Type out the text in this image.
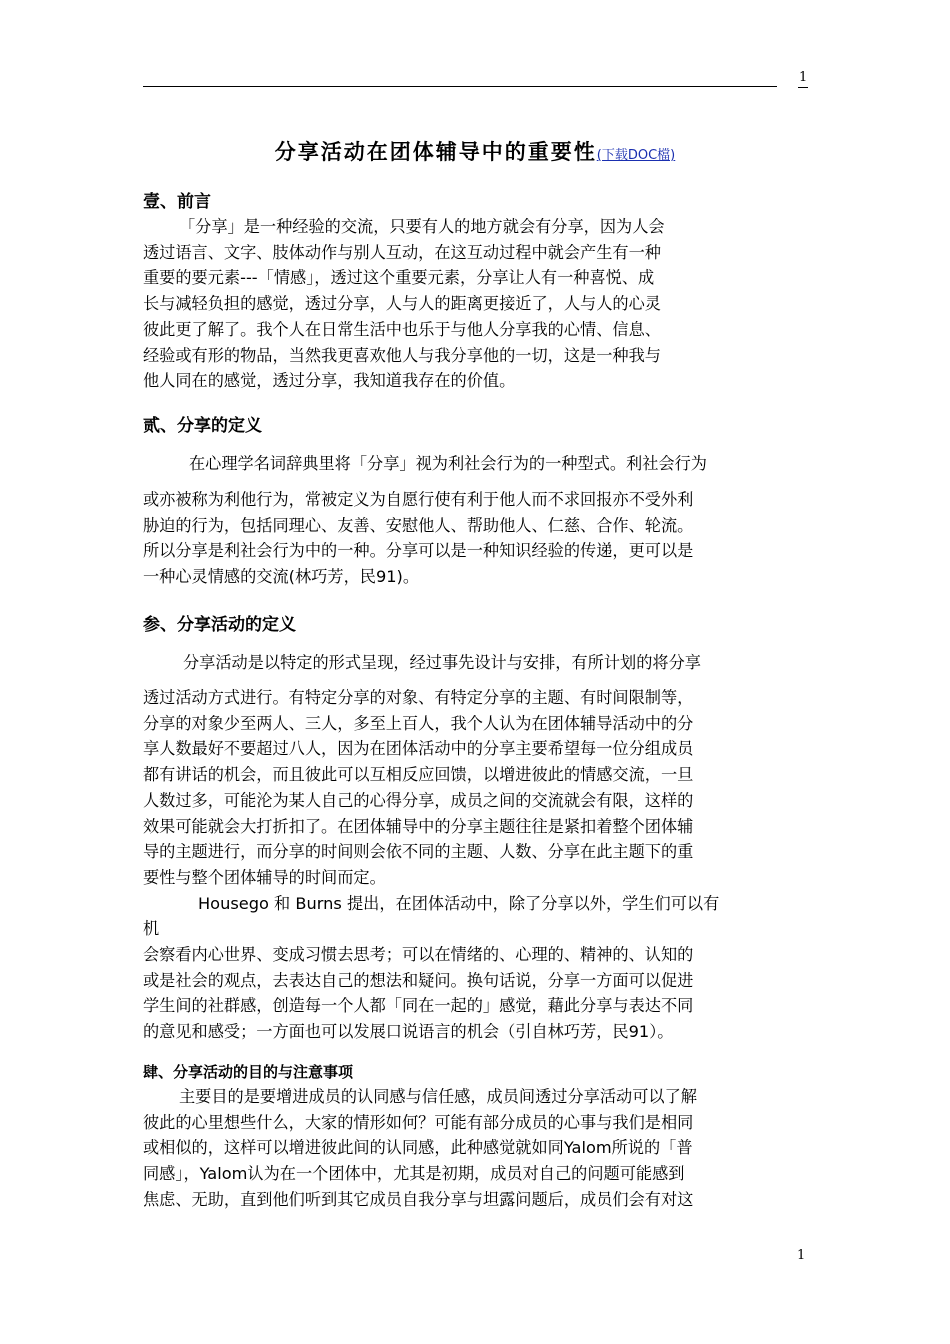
1
分享活动在团体辅导中的重要性(下载DOC檔)
壹、前言
「分享」是一种经验的交流，只要有人的地方就会有分享，因为人会
透过语言、文字、肢体动作与别人互动，在这互动过程中就会产生有一种
重要的要元素---「情感」，透过这个重要元素，分享让人有一种喜悦、成
长与减轻负担的感觉，透过分享，人与人的距离更接近了，人与人的心灵
彼此更了解了。我个人在日常生活中也乐于与他人分享我的心情、信息、
经验或有形的物品，当然我更喜欢他人与我分享他的一切，这是一种我与
他人同在的感觉，透过分享，我知道我存在的价值。
贰、分享的定义
在心理学名词辞典里将「分享」视为利社会行为的一种型式。利社会行为
或亦被称为利他行为，常被定义为自愿行使有利于他人而不求回报亦不受外利
胁迫的行为，包括同理心、友善、安慰他人、帮助他人、仁慈、合作、轮流。
所以分享是利社会行为中的一种。分享可以是一种知识经验的传递，更可以是
一种心灵情感的交流(林巧芳，民91)。
参、分享活动的定义
分享活动是以特定的形式呈现，经过事先设计与安排，有所计划的将分享
透过活动方式进行。有特定分享的对象、有特定分享的主题、有时间限制等，
分享的对象少至两人、三人，多至上百人，我个人认为在团体辅导活动中的分
享人数最好不要超过八人，因为在团体活动中的分享主要希望每一位分组成员
都有讲话的机会，而且彼此可以互相反应回馈，以增进彼此的情感交流，一旦
人数过多，可能沦为某人自己的心得分享，成员之间的交流就会有限，这样的
效果可能就会大打折扣了。在团体辅导中的分享主题往往是紧扣着整个团体辅
导的主题进行，而分享的时间则会依不同的主题、人数、分享在此主题下的重
要性与整个团体辅导的时间而定。
Housego 和 Burns 提出，在团体活动中，除了分享以外，学生们可以有
机
会察看内心世界、变成习惯去思考；可以在情绪的、心理的、精神的、认知的
或是社会的观点，去表达自己的想法和疑问。换句话说，分享一方面可以促进
学生间的社群感，创造每一个人都「同在一起的」感觉，藉此分享与表达不同
的意见和感受；一方面也可以发展口说语言的机会（引自林巧芳，民91）。
肆、分享活动的目的与注意事项
主要目的是要增进成员的认同感与信任感，成员间透过分享活动可以了解
彼此的心里想些什么，大家的情形如何？可能有部分成员的心事与我们是相同
或相似的，这样可以增进彼此间的认同感，此种感觉就如同Yalom所说的「普
同感」，Yalom认为在一个团体中，尤其是初期，成员对自己的问题可能感到
焦虑、无助，直到他们听到其它成员自我分享与坦露问题后，成员们会有对这
1
